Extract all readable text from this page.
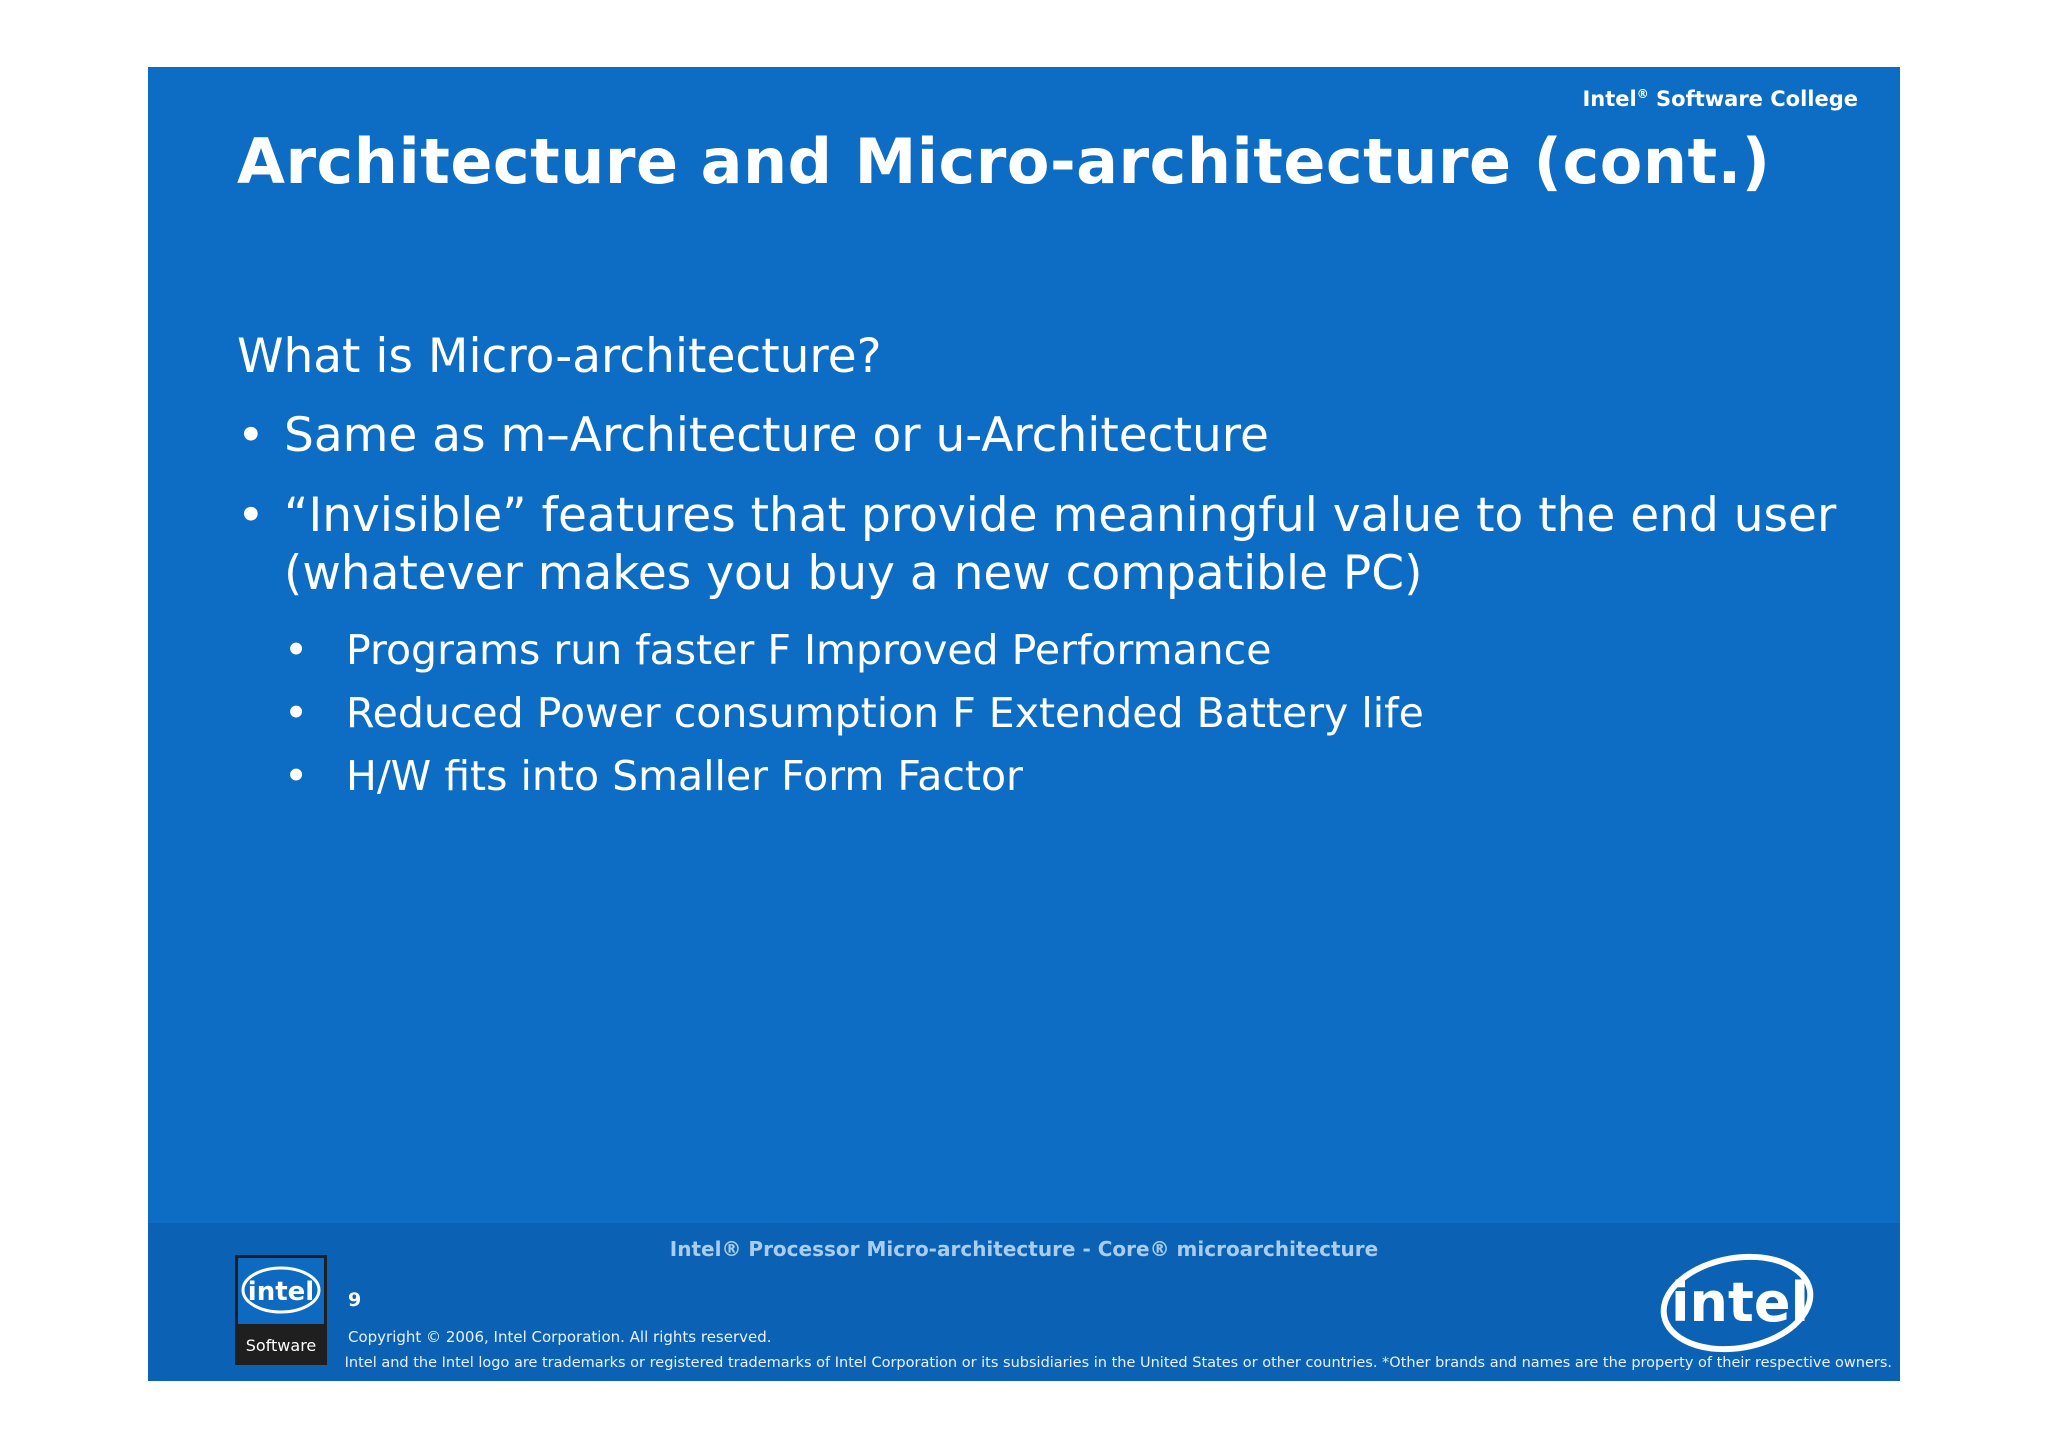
Intel® Software College
Architecture and Micro-architecture (cont.)
What is Micro-architecture?
• Same as m–Architecture or u-Architecture
• “Invisible” features that provide meaningful value to the end user (whatever makes you buy a new compatible PC)
• Programs run faster F Improved Performance
• Reduced Power consumption F Extended Battery life
• H/W fits into Smaller Form Factor
intel
Software
Intel® Processor Micro-architecture - Core® microarchitecture
9
Copyright © 2006, Intel Corporation. All rights reserved.
Intel and the Intel logo are trademarks or registered trademarks of Intel Corporation or its subsidiaries in the United States or other countries. *Other brands and names are the property of their respective owners.
intel
